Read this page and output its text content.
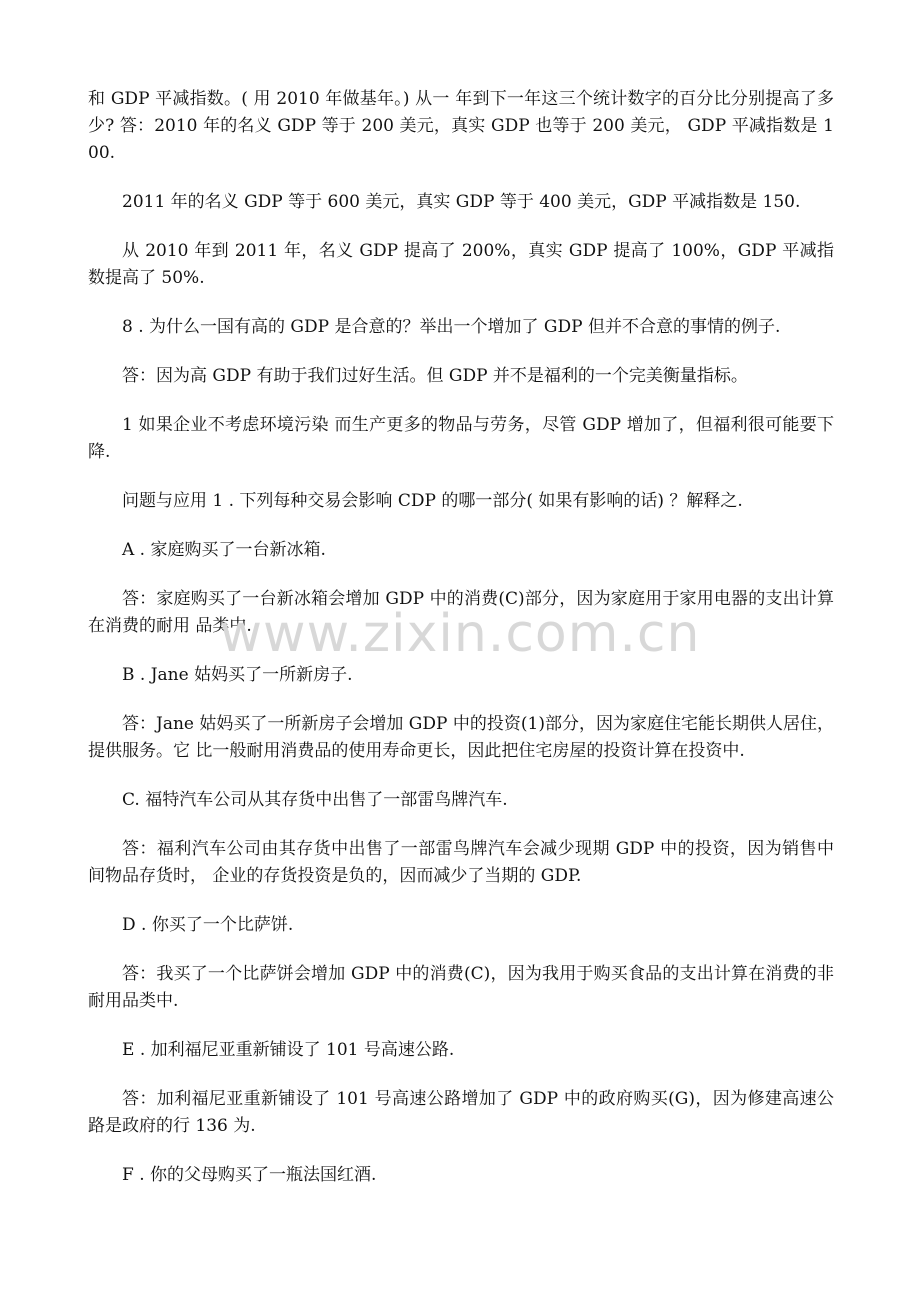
和 GDP 平减指数。( 用 2010 年做基年。) 从一 年到下一年这三个统计数字的百分比分别提高了多少? 答：2010 年的名义 GDP 等于 200 美元，真实 GDP 也等于 200 美元， GDP 平减指数是 100.

2011 年的名义 GDP 等于 600 美元，真实 GDP 等于 400 美元，GDP 平减指数是 150.

从 2010 年到 2011 年，名义 GDP 提高了 200%，真实 GDP 提高了 100%，GDP 平减指数提高了 50%.

8 . 为什么一国有高的 GDP 是合意的？举出一个增加了 GDP 但并不合意的事情的例子.

答：因为高 GDP 有助于我们过好生活。但 GDP 并不是福利的一个完美衡量指标。

1 如果企业不考虑环境污染 而生产更多的物品与劳务，尽管 GDP 增加了，但福利很可能要下降.

问题与应用 1 . 下列每种交易会影响 CDP 的哪一部分( 如果有影响的话) ？解释之.

A . 家庭购买了一台新冰箱.

答：家庭购买了一台新冰箱会增加 GDP 中的消费(C)部分，因为家庭用于家用电器的支出计算在消费的耐用 品类中.

B . Jane 姑妈买了一所新房子.

答：Jane 姑妈买了一所新房子会增加 GDP 中的投资(1)部分，因为家庭住宅能长期供人居住，提供服务。它 比一般耐用消费品的使用寿命更长，因此把住宅房屋的投资计算在投资中.

C. 福特汽车公司从其存货中出售了一部雷鸟牌汽车.

答：福利汽车公司由其存货中出售了一部雷鸟牌汽车会减少现期 GDP 中的投资，因为销售中间物品存货时， 企业的存货投资是负的，因而减少了当期的 GDP.

D . 你买了一个比萨饼.

答：我买了一个比萨饼会增加 GDP 中的消费(C)，因为我用于购买食品的支出计算在消费的非耐用品类中.

E . 加利福尼亚重新铺设了 101 号高速公路.

答：加利福尼亚重新铺设了 101 号高速公路增加了 GDP 中的政府购买(G)，因为修建高速公路是政府的行 136 为.

F . 你的父母购买了一瓶法国红酒.

www.zixin.com.cn
